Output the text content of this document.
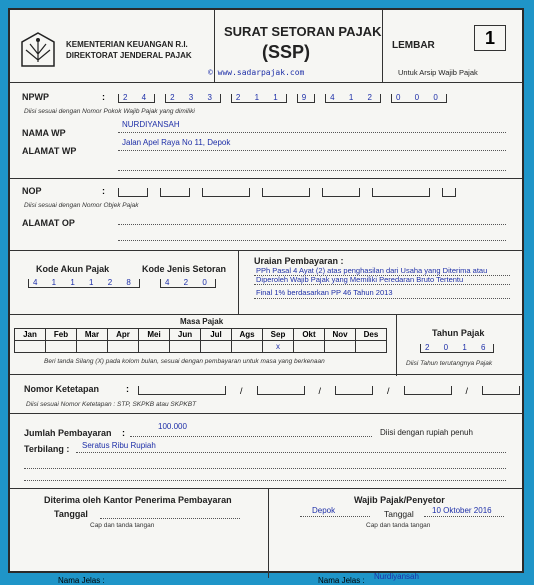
KEMENTERIAN KEUANGAN R.I.
DIREKTORAT JENDERAL PAJAK
SURAT SETORAN PAJAK
(SSP)
© www.sadarpajak.com
LEMBAR	1
Untuk Arsip Wajib Pajak
NPWP	:	2 4	2 3 3	2 1 1	9	4 1 2	0 0 0
Diisi sesuai dengan Nomor Pokok Wajib Pajak yang dimiliki
NURDIYANSAH
NAMA WP
Jalan Apel Raya No 11, Depok
ALAMAT WP
NOP	:
Diisi sesuai dengan Nomor Objek Pajak
ALAMAT OP
Kode Akun Pajak
4 1 1 1 2 8
Kode Jenis Setoran
4 2 0
Uraian Pembayaran :
PPh Pasal 4 Ayat (2) atas penghasilan dari Usaha yang Diterima atau
Diperoleh Wajib Pajak yang Memiliki Peredaran Bruto Tertentu
Final 1% berdasarkan PP 46 Tahun 2013
Masa Pajak
Jan	Feb	Mar	Apr	Mei	Jun	Jul	Ags	Sep	Okt	Nov	Des
								x			
Beri tanda Silang (X) pada kolom bulan, sesuai dengan pembayaran untuk masa yang berkenaan
Tahun Pajak
2 0 1 6
Diisi Tahun terutangnya Pajak
Nomor Ketetapan	:	/	/	/	/
Diisi sesuai Nomor Ketetapan : STP, SKPKB atau SKPKBT
100.000
Jumlah Pembayaran :	Diisi dengan rupiah penuh
Terbilang : Seratus Ribu Rupiah
Diterima oleh Kantor Penerima Pembayaran
Tanggal
Cap dan tanda tangan
Nama Jelas :
Wajib Pajak/Penyetor
Depok	Tanggal 10 Oktober 2016
Cap dan tanda tangan
Nama Jelas : Nurdiyansah
